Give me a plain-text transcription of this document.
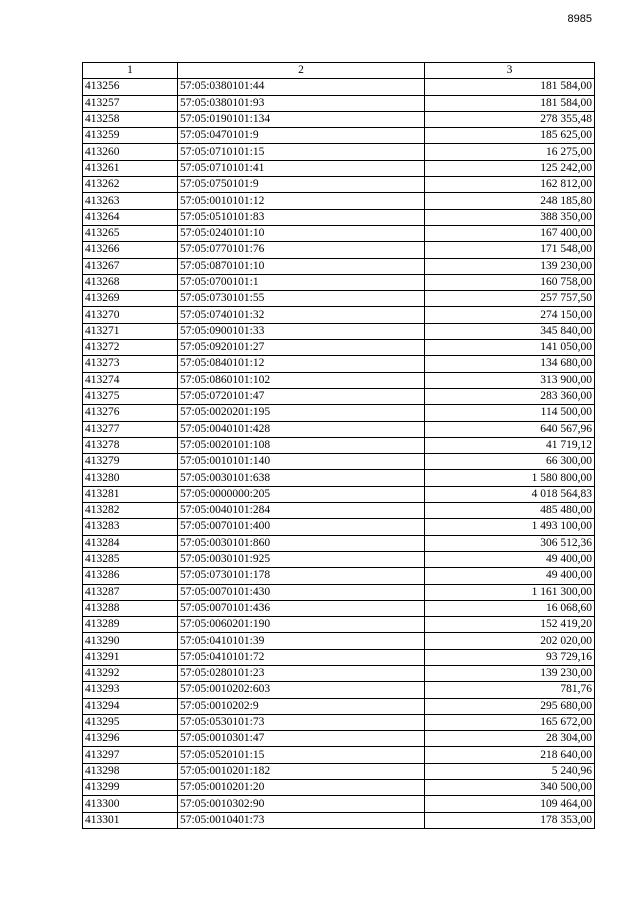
8985
1	2	3
413256	57:05:0380101:44	181 584,00
413257	57:05:0380101:93	181 584,00
413258	57:05:0190101:134	278 355,48
413259	57:05:0470101:9	185 625,00
413260	57:05:0710101:15	16 275,00
413261	57:05:0710101:41	125 242,00
413262	57:05:0750101:9	162 812,00
413263	57:05:0010101:12	248 185,80
413264	57:05:0510101:83	388 350,00
413265	57:05:0240101:10	167 400,00
413266	57:05:0770101:76	171 548,00
413267	57:05:0870101:10	139 230,00
413268	57:05:0700101:1	160 758,00
413269	57:05:0730101:55	257 757,50
413270	57:05:0740101:32	274 150,00
413271	57:05:0900101:33	345 840,00
413272	57:05:0920101:27	141 050,00
413273	57:05:0840101:12	134 680,00
413274	57:05:0860101:102	313 900,00
413275	57:05:0720101:47	283 360,00
413276	57:05:0020201:195	114 500,00
413277	57:05:0040101:428	640 567,96
413278	57:05:0020101:108	41 719,12
413279	57:05:0010101:140	66 300,00
413280	57:05:0030101:638	1 580 800,00
413281	57:05:0000000:205	4 018 564,83
413282	57:05:0040101:284	485 480,00
413283	57:05:0070101:400	1 493 100,00
413284	57:05:0030101:860	306 512,36
413285	57:05:0030101:925	49 400,00
413286	57:05:0730101:178	49 400,00
413287	57:05:0070101:430	1 161 300,00
413288	57:05:0070101:436	16 068,60
413289	57:05:0060201:190	152 419,20
413290	57:05:0410101:39	202 020,00
413291	57:05:0410101:72	93 729,16
413292	57:05:0280101:23	139 230,00
413293	57:05:0010202:603	781,76
413294	57:05:0010202:9	295 680,00
413295	57:05:0530101:73	165 672,00
413296	57:05:0010301:47	28 304,00
413297	57:05:0520101:15	218 640,00
413298	57:05:0010201:182	5 240,96
413299	57:05:0010201:20	340 500,00
413300	57:05:0010302:90	109 464,00
413301	57:05:0010401:73	178 353,00
